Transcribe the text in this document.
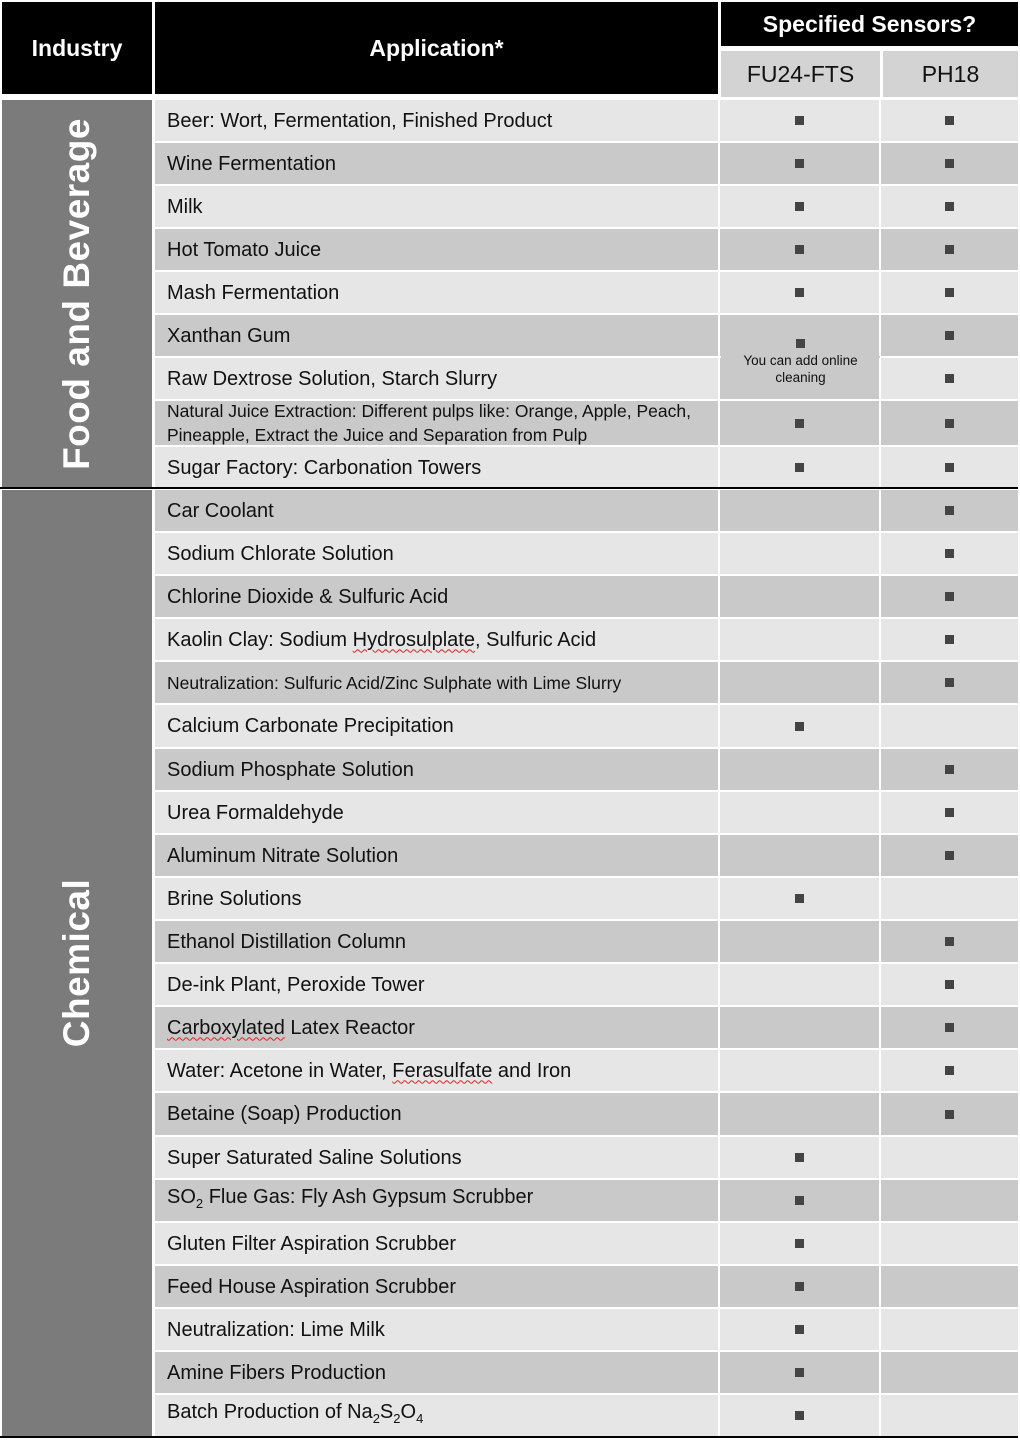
Industry	Application*
Specified Sensors?
FU24-FTS	PH18
Food and Beverage
Chemical
Beer: Wort, Fermentation, Finished Product
Wine Fermentation
Milk
Hot Tomato Juice
Mash Fermentation
Xanthan Gum
Raw Dextrose Solution, Starch Slurry
Natural Juice Extraction: Different pulps like: Orange, Apple, Peach, Pineapple, Extract the Juice and Separation from Pulp
Sugar Factory: Carbonation Towers
Car Coolant
Sodium Chlorate Solution
Chlorine Dioxide & Sulfuric Acid
Kaolin Clay: Sodium Hydrosulplate, Sulfuric Acid
Neutralization: Sulfuric Acid/Zinc Sulphate with Lime Slurry
Calcium Carbonate Precipitation
Sodium Phosphate Solution
Urea Formaldehyde
Aluminum Nitrate Solution
Brine Solutions
Ethanol Distillation Column
De-ink Plant, Peroxide Tower
Carboxylated Latex Reactor
Water: Acetone in Water, Ferasulfate and Iron
Betaine (Soap) Production
Super Saturated Saline Solutions
$SO_2$ Flue Gas: Fly Ash Gypsum Scrubber
Gluten Filter Aspiration Scrubber
Feed House Aspiration Scrubber
Neutralization: Lime Milk
Amine Fibers Production
Batch Production of $Na_2S_2O_4$
You can add online cleaning
